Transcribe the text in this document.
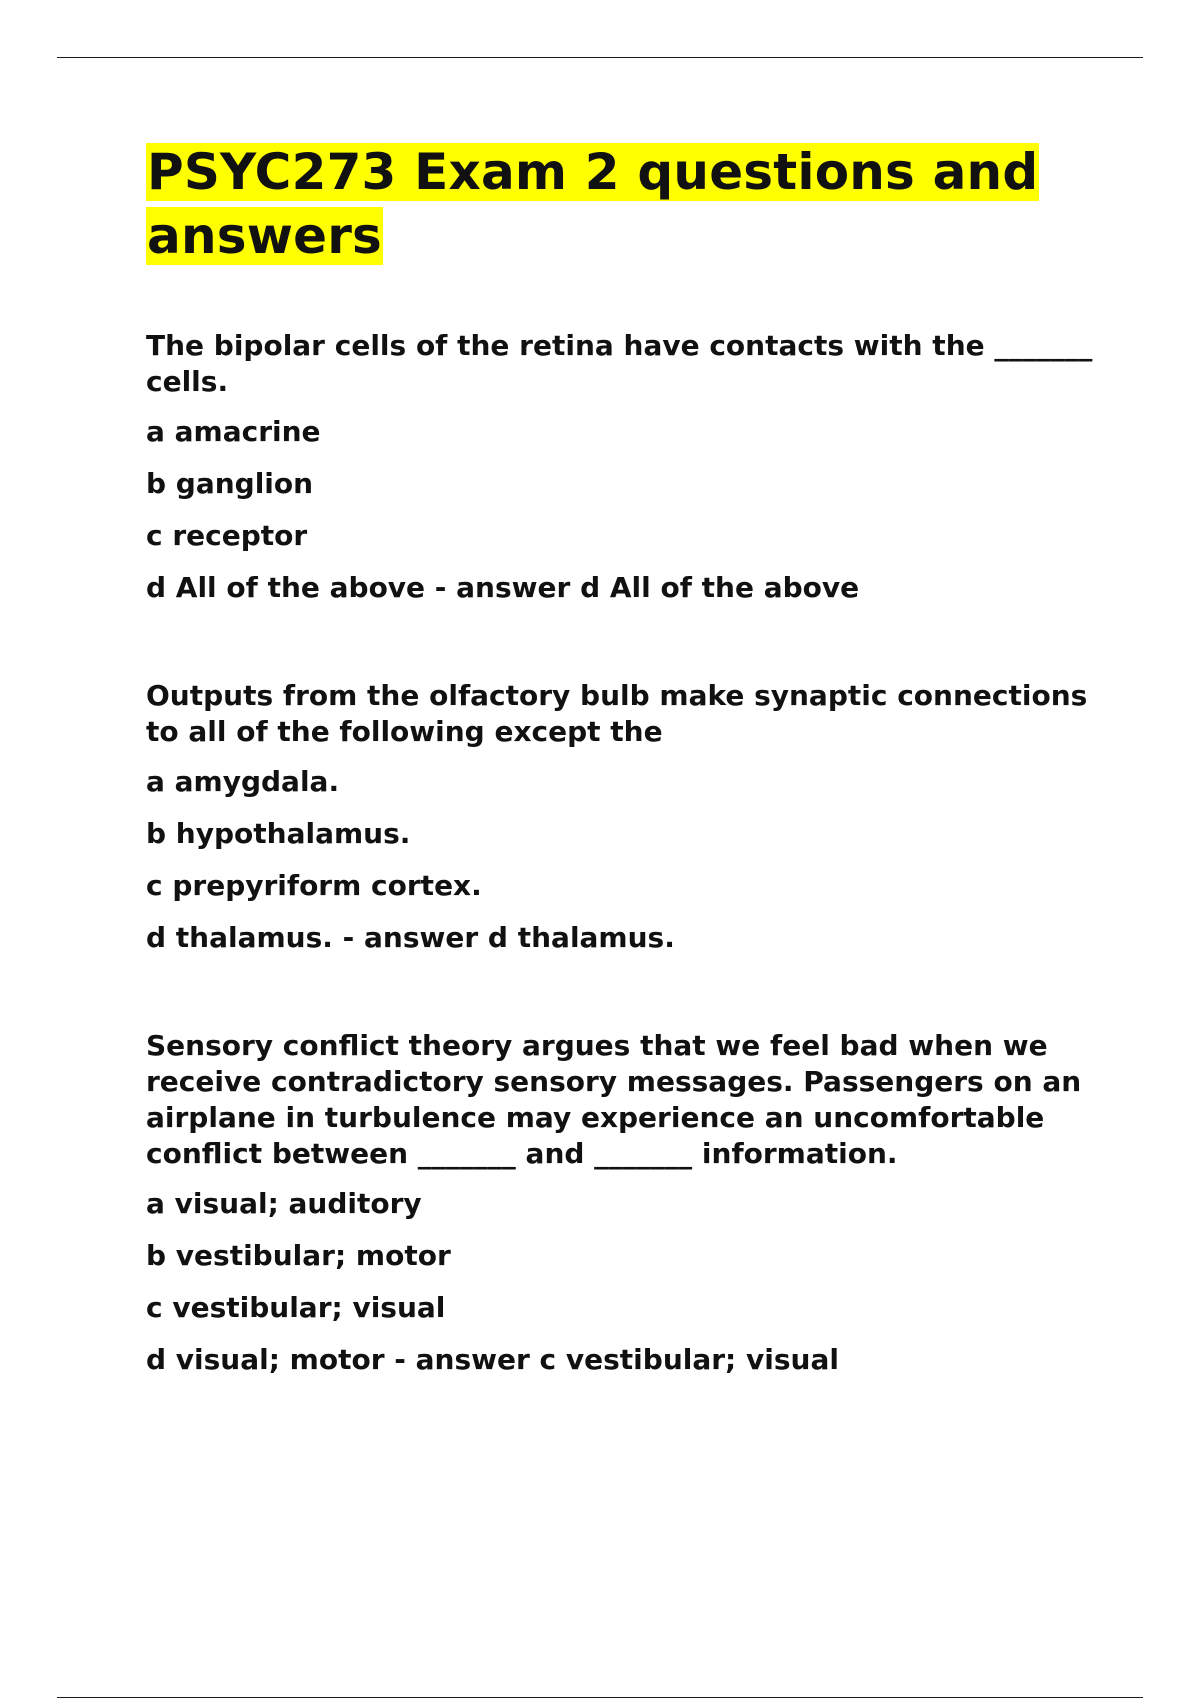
PSYC273 Exam 2 questions and answers

The bipolar cells of the retina have contacts with the _______ cells.

a amacrine
b ganglion
c receptor
d All of the above - answer d All of the above

Outputs from the olfactory bulb make synaptic connections to all of the following except the

a amygdala.
b hypothalamus.
c prepyriform cortex.
d thalamus. - answer d thalamus.

Sensory conflict theory argues that we feel bad when we receive contradictory sensory messages. Passengers on an airplane in turbulence may experience an uncomfortable conflict between _______ and _______ information.

a visual; auditory
b vestibular; motor
c vestibular; visual
d visual; motor - answer c vestibular; visual
